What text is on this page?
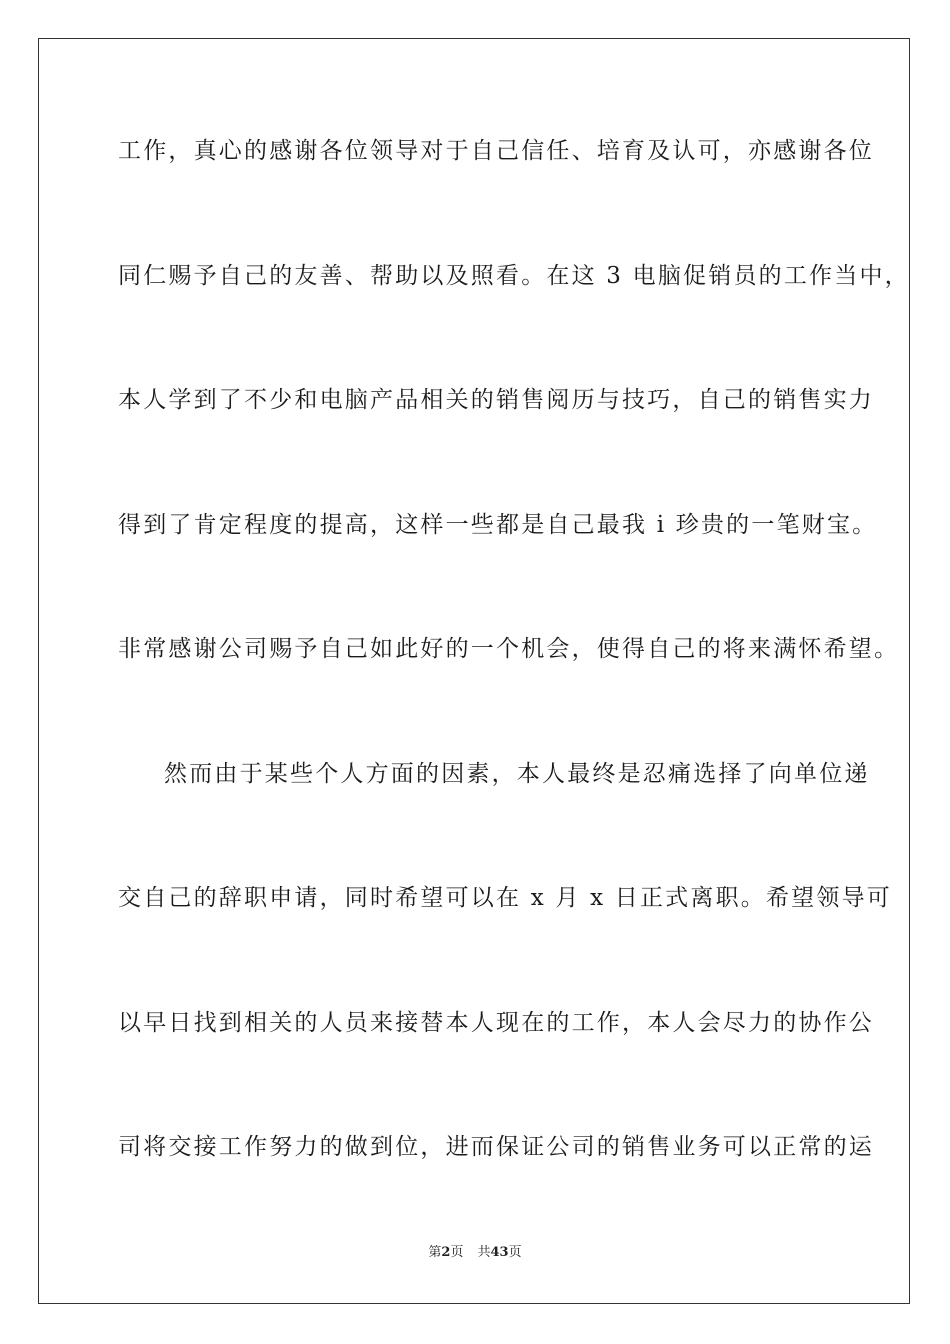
工作，真心的感谢各位领导对于自己信任、培育及认可，亦感谢各位
同仁赐予自己的友善、帮助以及照看。在这 3 电脑促销员的工作当中，
本人学到了不少和电脑产品相关的销售阅历与技巧，自己的销售实力
得到了肯定程度的提高，这样一些都是自己最我 i 珍贵的一笔财宝。
非常感谢公司赐予自己如此好的一个机会，使得自己的将来满怀希望。
然而由于某些个人方面的因素，本人最终是忍痛选择了向单位递
交自己的辞职申请，同时希望可以在 x 月 x 日正式离职。希望领导可
以早日找到相关的人员来接替本人现在的工作，本人会尽力的协作公
司将交接工作努力的做到位，进而保证公司的销售业务可以正常的运
第2页 共43页
